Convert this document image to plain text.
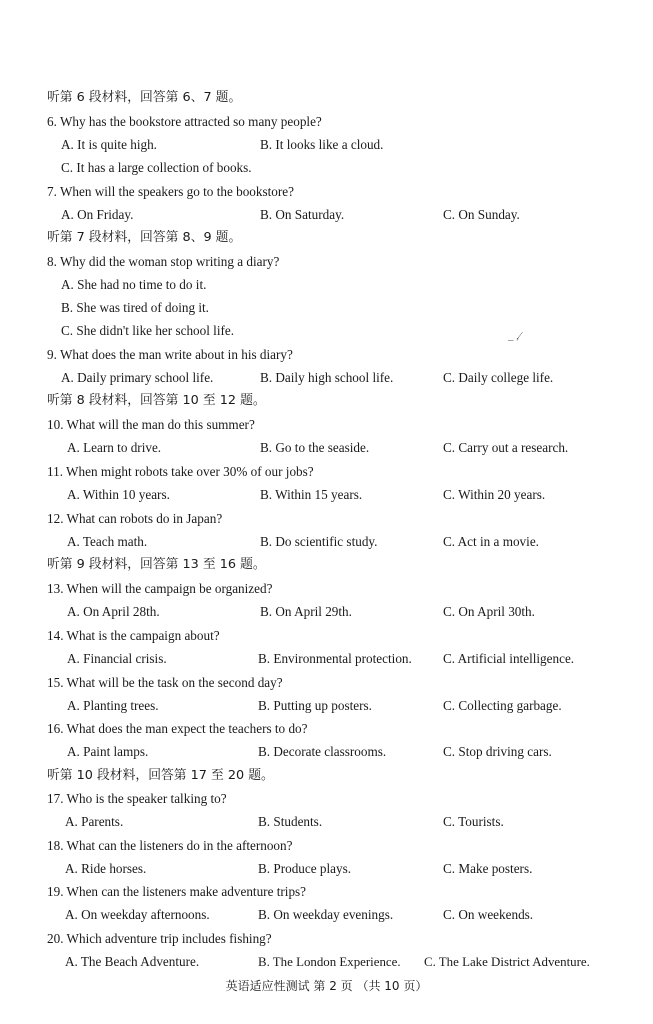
听第 6 段材料，回答第 6、7 题。
6. Why has the bookstore attracted so many people?
A. It is quite high.	B. It looks like a cloud.
C. It has a large collection of books.
7. When will the speakers go to the bookstore?
A. On Friday.	B. On Saturday.	C. On Sunday.
听第 7 段材料，回答第 8、9 题。
8. Why did the woman stop writing a diary?
A. She had no time to do it.
B. She was tired of doing it.
C. She didn't like her school life.	_ ,⁄
9. What does the man write about in his diary?
A. Daily primary school life.	B. Daily high school life.	C. Daily college life.
听第 8 段材料，回答第 10 至 12 题。
10. What will the man do this summer?
A. Learn to drive.	B. Go to the seaside.	C. Carry out a research.
11. When might robots take over 30% of our jobs?
A. Within 10 years.	B. Within 15 years.	C. Within 20 years.
12. What can robots do in Japan?
A. Teach math.	B. Do scientific study.	C. Act in a movie.
听第 9 段材料，回答第 13 至 16 题。
13. When will the campaign be organized?
A. On April 28th.	B. On April 29th.	C. On April 30th.
14. What is the campaign about?
A. Financial crisis.	B. Environmental protection. C. Artificial intelligence.
15. What will be the task on the second day?
A. Planting trees.	B. Putting up posters.	C. Collecting garbage.
16. What does the man expect the teachers to do?
A. Paint lamps.	B. Decorate classrooms.	C. Stop driving cars.
听第 10 段材料，回答第 17 至 20 题。
17. Who is the speaker talking to?
A. Parents.	B. Students.	C. Tourists.
18. What can the listeners do in the afternoon?
A. Ride horses.	B. Produce plays.	C. Make posters.
19. When can the listeners make adventure trips?
A. On weekday afternoons.	B. On weekday evenings.	C. On weekends.
20. Which adventure trip includes fishing?
A. The Beach Adventure.	B. The London Experience. C. The Lake District Adventure.
英语适应性测试 第 2 页 （共 10 页）
